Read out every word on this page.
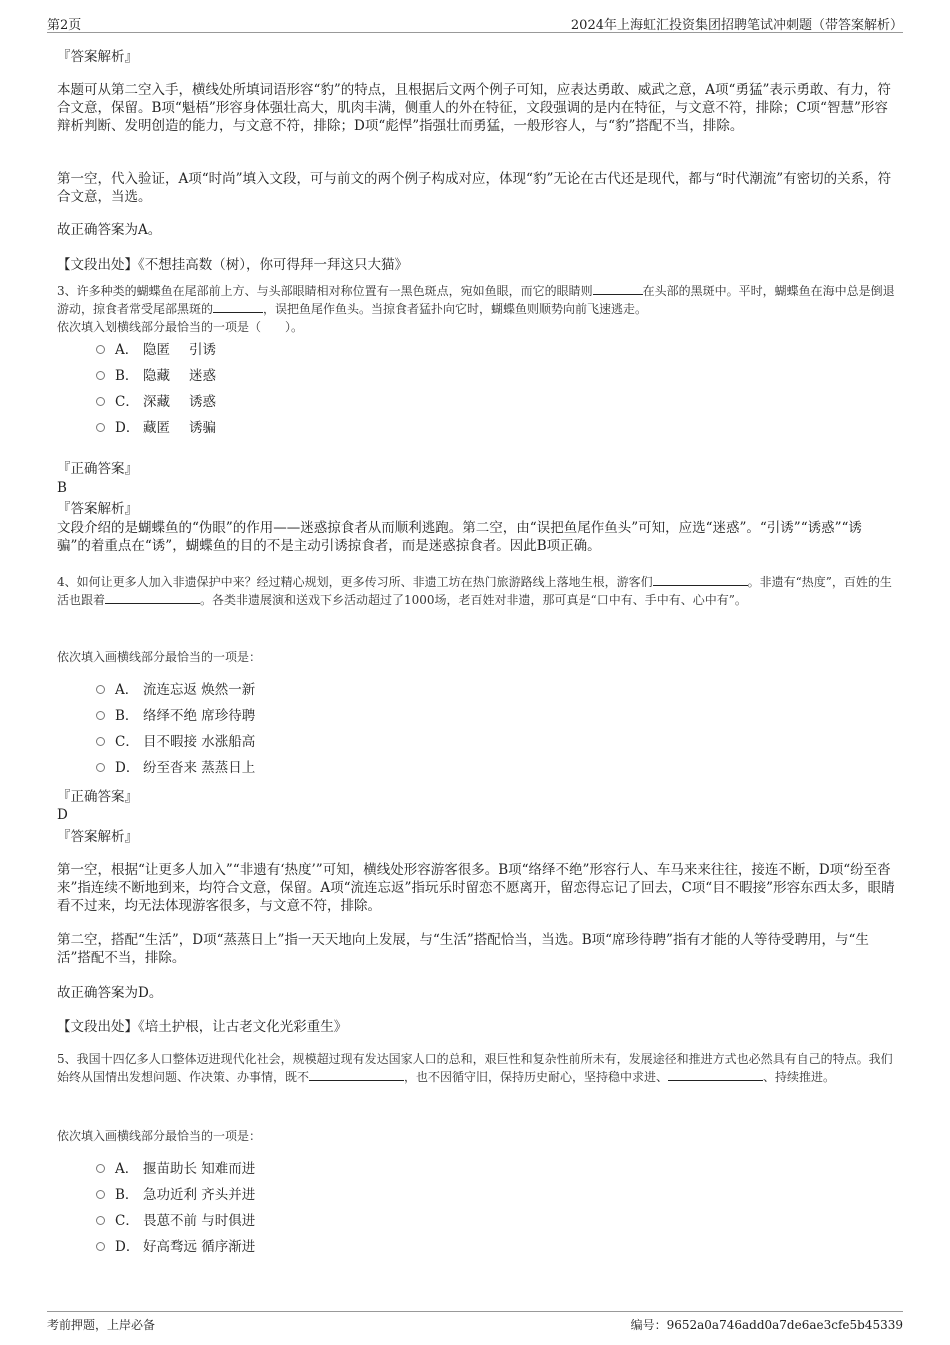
第2页	2024年上海虹汇投资集团招聘笔试冲刺题（带答案解析）
『答案解析』
本题可从第二空入手，横线处所填词语形容“豹”的特点，且根据后文两个例子可知，应表达勇敢、威武之意，A项“勇猛”表示勇敢、有力，符合文意，保留。B项“魁梧”形容身体强壮高大，肌肉丰满，侧重人的外在特征，文段强调的是内在特征，与文意不符，排除；C项“智慧”形容辩析判断、发明创造的能力，与文意不符，排除；D项“彪悍”指强壮而勇猛，一般形容人，与“豹”搭配不当，排除。
第一空，代入验证，A项“时尚”填入文段，可与前文的两个例子构成对应，体现“豹”无论在古代还是现代，都与“时代潮流”有密切的关系，符合文意，当选。
故正确答案为A。
【文段出处】《不想挂高数（树），你可得拜一拜这只大猫》
3、许多种类的蝴蝶鱼在尾部前上方、与头部眼睛相对称位置有一黑色斑点，宛如鱼眼，而它的眼睛则	在头部的黑斑中。平时，蝴蝶鱼在海中总是倒退游动，掠食者常受尾部黑斑的	，误把鱼尾作鱼头。当掠食者猛扑向它时，蝴蝶鱼则顺势向前飞速逃走。
依次填入划横线部分最恰当的一项是（　　）。
A． 隐匿 引诱
B． 隐藏 迷惑
C． 深藏 诱惑
D． 藏匿 诱骗
『正确答案』
B
『答案解析』
文段介绍的是蝴蝶鱼的“伪眼”的作用——迷惑掠食者从而顺利逃跑。第二空，由“误把鱼尾作鱼头”可知，应选“迷惑”。“引诱”“诱惑”“诱骗”的着重点在“诱”，蝴蝶鱼的目的不是主动引诱掠食者，而是迷惑掠食者。因此B项正确。
4、如何让更多人加入非遗保护中来？经过精心规划，更多传习所、非遗工坊在热门旅游路线上落地生根，游客们	。非遗有“热度”，百姓的生活也跟着	。各类非遗展演和送戏下乡活动超过了1000场，老百姓对非遗，那可真是“口中有、手中有、心中有”。
依次填入画横线部分最恰当的一项是：
A． 流连忘返 焕然一新
B． 络绎不绝 席珍待聘
C． 目不暇接 水涨船高
D． 纷至沓来 蒸蒸日上
『正确答案』
D
『答案解析』
第一空，根据“让更多人加入”“非遗有‘热度’”可知，横线处形容游客很多。B项“络绎不绝”形容行人、车马来来往往，接连不断，D项“纷至沓来”指连续不断地到来，均符合文意，保留。A项“流连忘返”指玩乐时留恋不愿离开，留恋得忘记了回去，C项“目不暇接”形容东西太多，眼睛看不过来，均无法体现游客很多，与文意不符，排除。
第二空，搭配“生活”，D项“蒸蒸日上”指一天天地向上发展，与“生活”搭配恰当，当选。B项“席珍待聘”指有才能的人等待受聘用，与“生活”搭配不当，排除。
故正确答案为D。
【文段出处】《培土护根，让古老文化光彩重生》
5、我国十四亿多人口整体迈进现代化社会，规模超过现有发达国家人口的总和，艰巨性和复杂性前所未有，发展途径和推进方式也必然具有自己的特点。我们始终从国情出发想问题、作决策、办事情，既不	，也不因循守旧，保持历史耐心，坚持稳中求进、	、持续推进。
依次填入画横线部分最恰当的一项是：
A． 揠苗助长 知难而进
B． 急功近利 齐头并进
C． 畏葸不前 与时俱进
D． 好高骛远 循序渐进
考前押题，上岸必备	编号：9652a0a746add0a7de6ae3cfe5b45339
